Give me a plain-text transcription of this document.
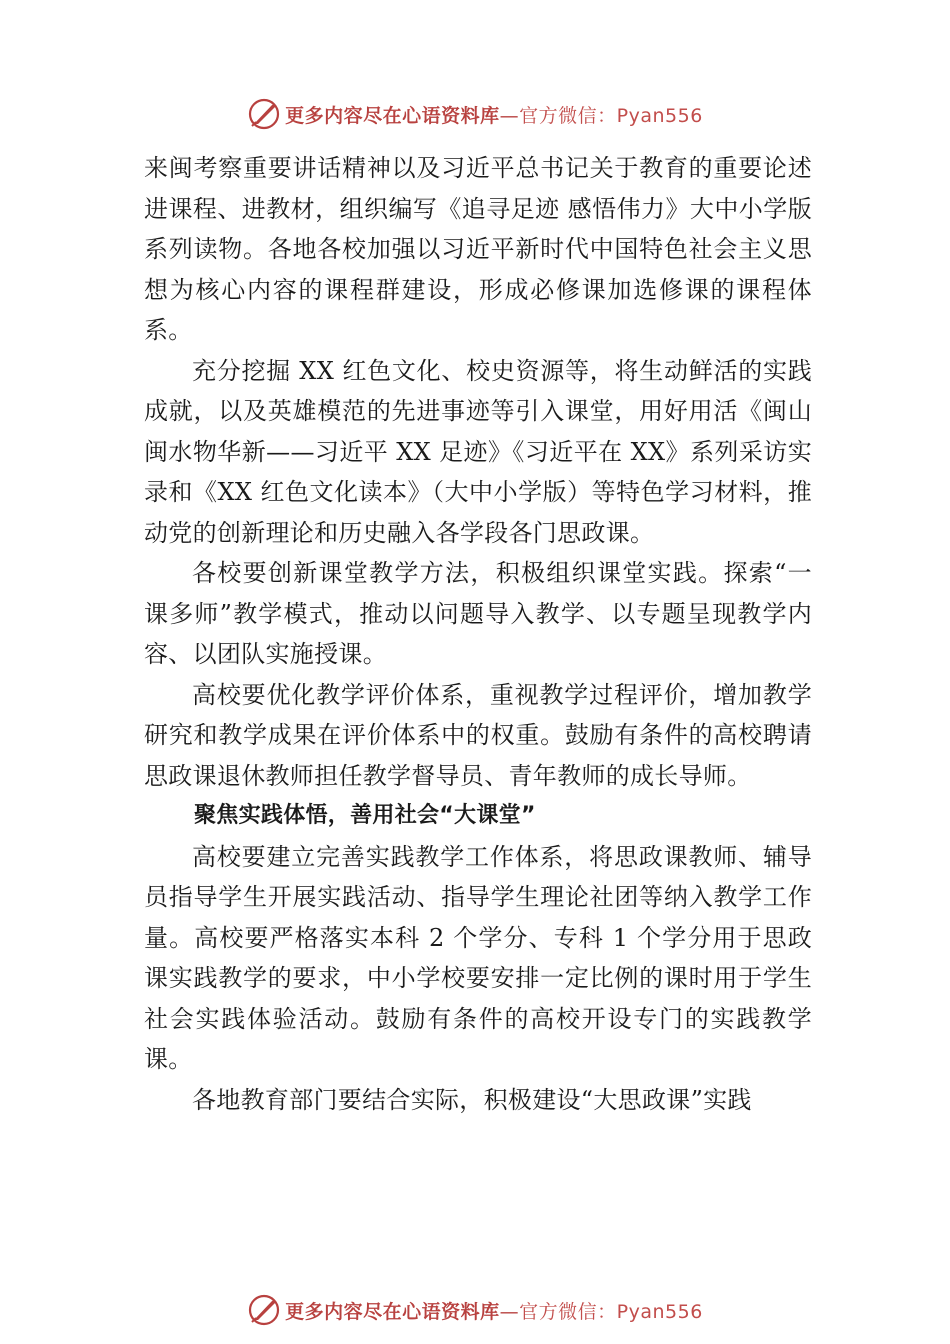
更多内容尽在心语资料库—官方微信：Pyan556

来闽考察重要讲话精神以及习近平总书记关于教育的重要论述进课程、进教材，组织编写《追寻足迹 感悟伟力》大中小学版系列读物。各地各校加强以习近平新时代中国特色社会主义思想为核心内容的课程群建设，形成必修课加选修课的课程体系。

充分挖掘 XX 红色文化、校史资源等，将生动鲜活的实践成就，以及英雄模范的先进事迹等引入课堂，用好用活《闽山闽水物华新——习近平 XX 足迹》《习近平在 XX》系列采访实录和《XX 红色文化读本》（大中小学版）等特色学习材料，推动党的创新理论和历史融入各学段各门思政课。

各校要创新课堂教学方法，积极组织课堂实践。探索“一课多师”教学模式，推动以问题导入教学、以专题呈现教学内容、以团队实施授课。

高校要优化教学评价体系，重视教学过程评价，增加教学研究和教学成果在评价体系中的权重。鼓励有条件的高校聘请思政课退休教师担任教学督导员、青年教师的成长导师。

聚焦实践体悟，善用社会“大课堂”

高校要建立完善实践教学工作体系，将思政课教师、辅导员指导学生开展实践活动、指导学生理论社团等纳入教学工作量。高校要严格落实本科 2 个学分、专科 1 个学分用于思政课实践教学的要求，中小学校要安排一定比例的课时用于学生社会实践体验活动。鼓励有条件的高校开设专门的实践教学课。

各地教育部门要结合实际，积极建设“大思政课”实践

更多内容尽在心语资料库—官方微信：Pyan556
